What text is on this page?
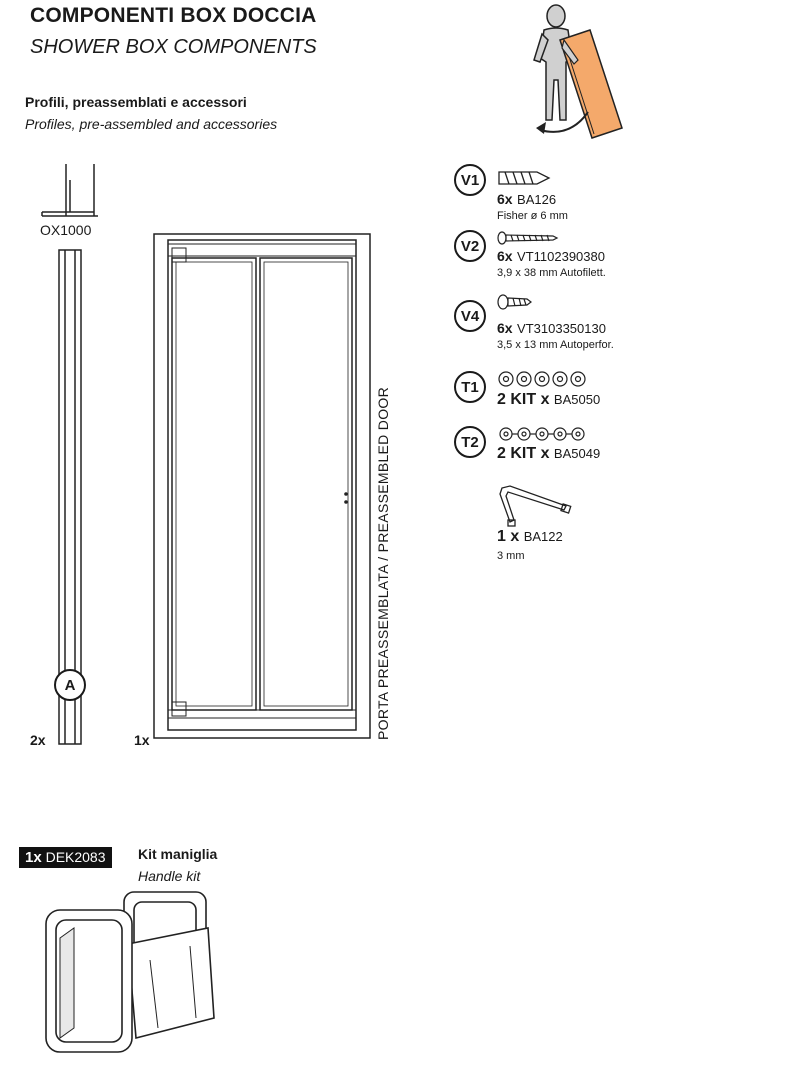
COMPONENTI BOX DOCCIA
SHOWER BOX COMPONENTS
Profili, preassemblati e accessori
Profiles, pre-assembled and accessories
OX1000
A
2x	1x	PORTA PREASSEMBLATA / PREASSEMBLED DOOR
V1
6x BA126
Fisher ø 6 mm
V2
6x VT1102390380
3,9 x 38 mm Autofilett.
V4
6x VT3103350130
3,5 x 13 mm Autoperfor.
T1
2 KIT x BA5050
T2
2 KIT x BA5049
1 x BA122
3 mm
1x DEK2083	Kit maniglia
Handle kit
